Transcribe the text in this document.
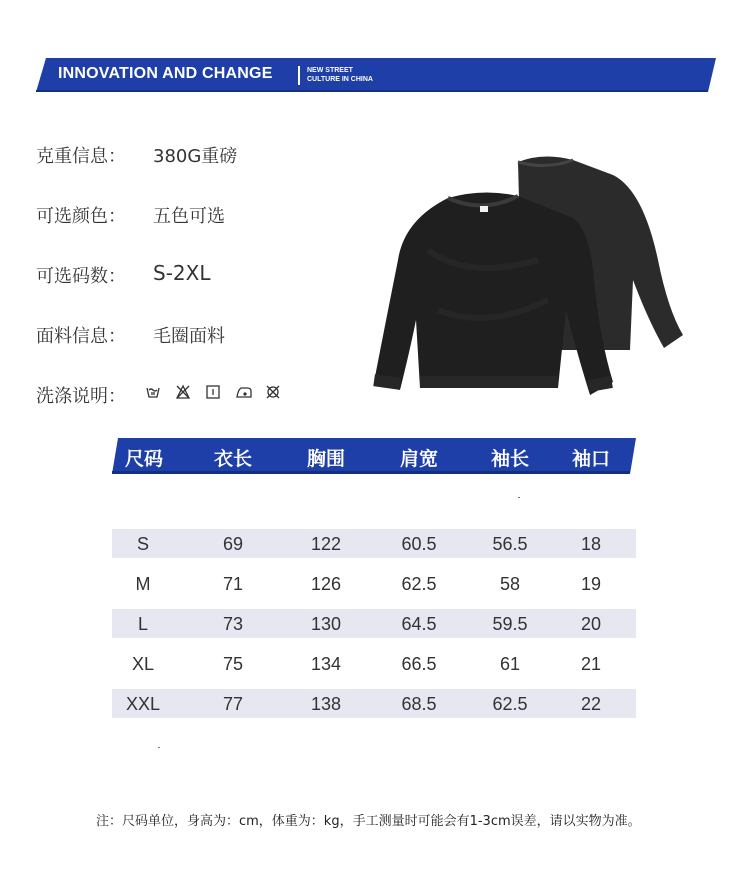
INNOVATION AND CHANGE	NEW STREET
CULTURE IN CHINA
克重信息： 380G重磅
可选颜色： 五色可选
可选码数： S-2XL
面料信息： 毛圈面料
洗涤说明：
尺码	衣长	胸围	肩宽	袖长 袖口
S	69	122	60.5	56.5	18
M	71	126	62.5	58	19
L	73	130	64.5	59.5	20
XL	75	134	66.5	61	21
XXL	77	138	68.5	62.5	22
注：尺码单位，身高为：cm，体重为：kg，手工测量时可能会有1-3cm误差，请以实物为准。
